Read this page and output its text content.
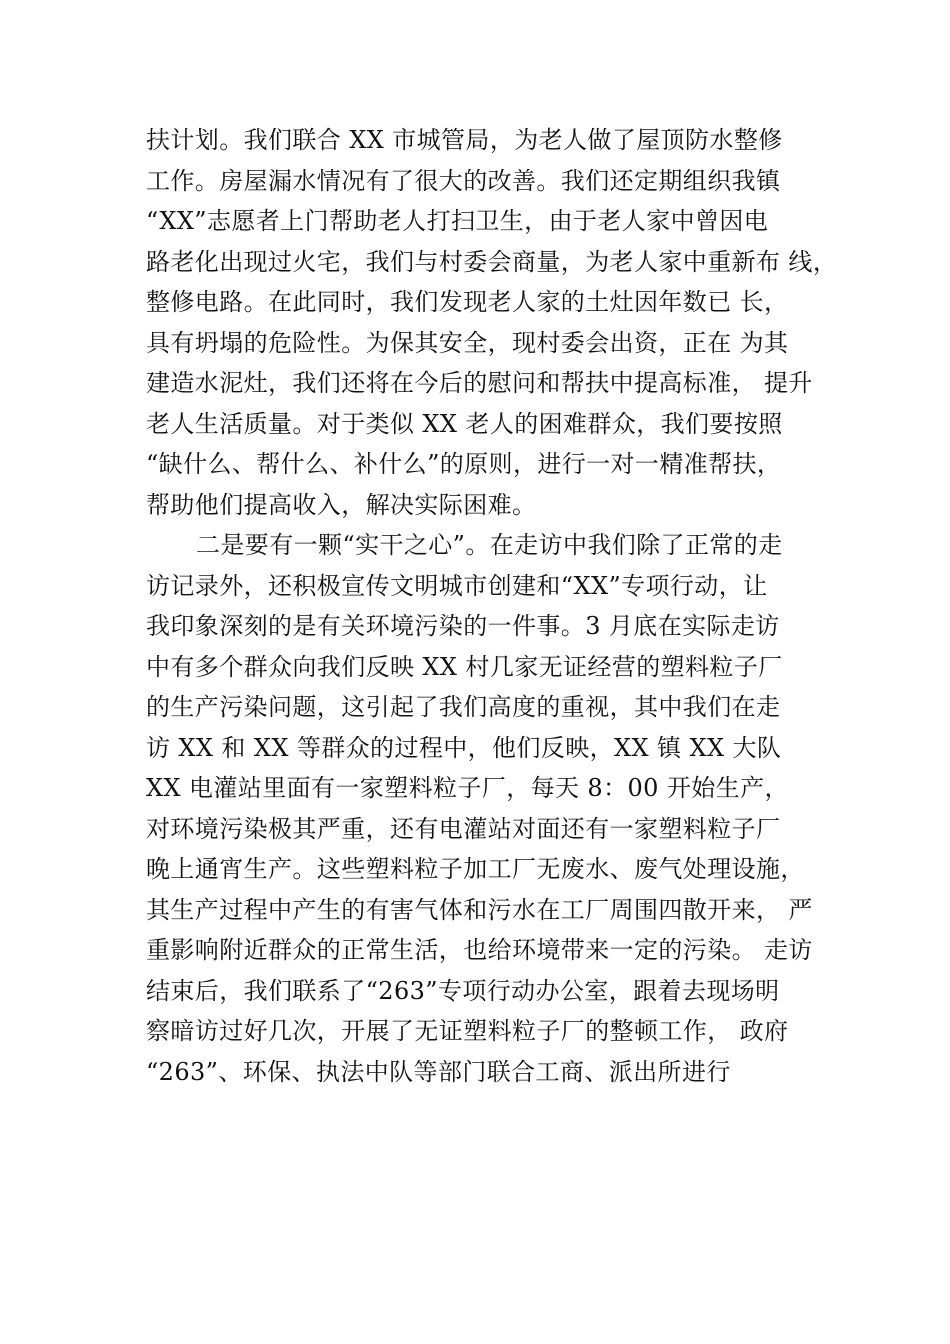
扶计划。我们联合 XX 市城管局，为老人做了屋顶防水整修
工作。房屋漏水情况有了很大的改善。我们还定期组织我镇
“XX”志愿者上门帮助老人打扫卫生，由于老人家中曾因电
路老化出现过火宅，我们与村委会商量，为老人家中重新布 线，
整修电路。在此同时，我们发现老人家的土灶因年数已 长，
具有坍塌的危险性。为保其安全，现村委会出资，正在 为其
建造水泥灶，我们还将在今后的慰问和帮扶中提高标准， 提升
老人生活质量。对于类似 XX 老人的困难群众，我们要按照
“缺什么、帮什么、补什么”的原则，进行一对一精准帮扶，
帮助他们提高收入，解决实际困难。
二是要有一颗“实干之心”。在走访中我们除了正常的走
访记录外，还积极宣传文明城市创建和“XX”专项行动，让
我印象深刻的是有关环境污染的一件事。3 月底在实际走访
中有多个群众向我们反映 XX 村几家无证经营的塑料粒子厂
的生产污染问题，这引起了我们高度的重视，其中我们在走
访 XX 和 XX 等群众的过程中，他们反映，XX 镇 XX 大队
XX 电灌站里面有一家塑料粒子厂，每天 8：00 开始生产，
对环境污染极其严重，还有电灌站对面还有一家塑料粒子厂
晚上通宵生产。这些塑料粒子加工厂无废水、废气处理设施，
其生产过程中产生的有害气体和污水在工厂周围四散开来， 严
重影响附近群众的正常生活，也给环境带来一定的污染。 走访
结束后，我们联系了“263”专项行动办公室，跟着去现场明
察暗访过好几次，开展了无证塑料粒子厂的整顿工作， 政府
“263”、环保、执法中队等部门联合工商、派出所进行
